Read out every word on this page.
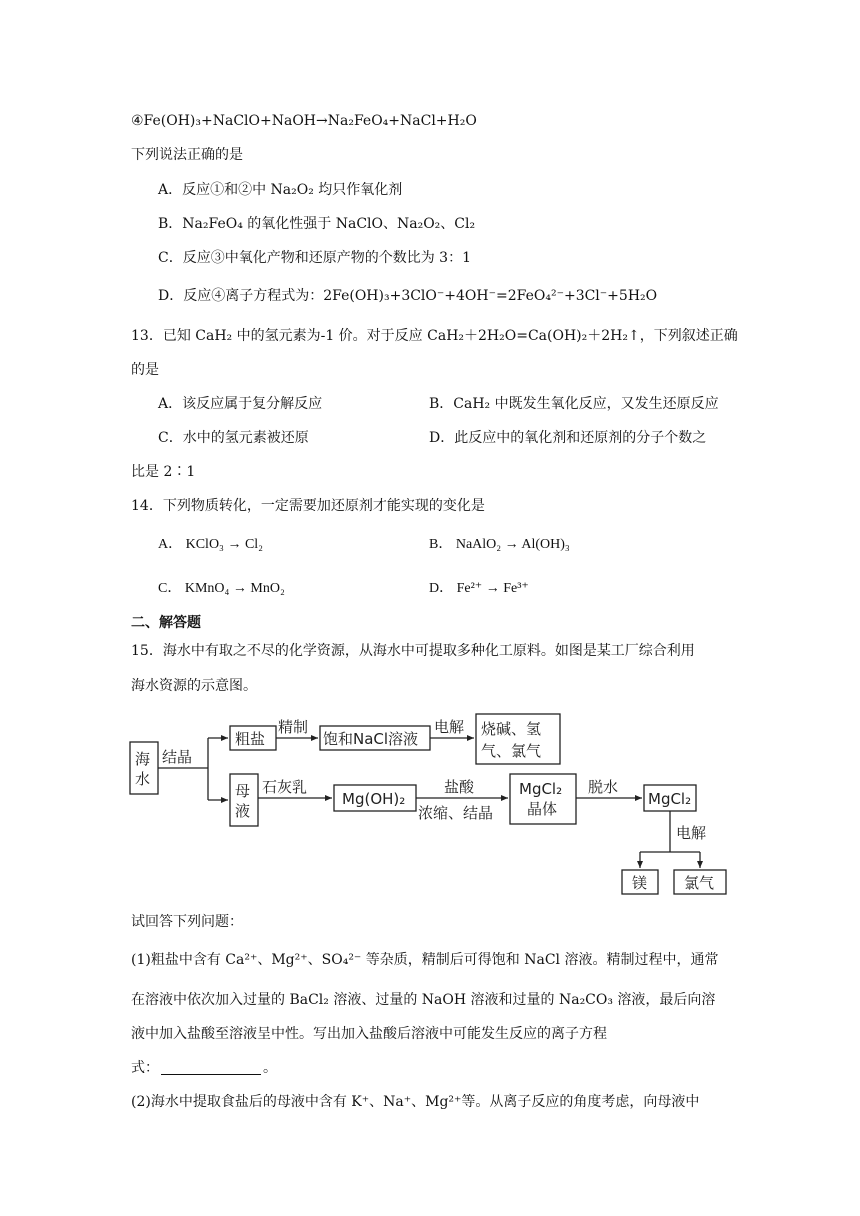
④Fe(OH)₃+NaClO+NaOH→Na₂FeO₄+NaCl+H₂O
下列说法正确的是
A．反应①和②中 Na₂O₂ 均只作氧化剂
B．Na₂FeO₄ 的氧化性强于 NaClO、Na₂O₂、Cl₂
C．反应③中氧化产物和还原产物的个数比为 3：1
D．反应④离子方程式为：2Fe(OH)₃+3ClO⁻+4OH⁻=2FeO₄²⁻+3Cl⁻+5H₂O
13．已知 CaH₂ 中的氢元素为-1 价。对于反应 CaH₂＋2H₂O=Ca(OH)₂＋2H₂↑，下列叙述正确
的是
A．该反应属于复分解反应	B．CaH₂ 中既发生氧化反应，又发生还原反应
C．水中的氢元素被还原	D．此反应中的氧化剂和还原剂的分子个数之
比是 2∶1
14．下列物质转化，一定需要加还原剂才能实现的变化是
A． KClO₃ → Cl₂	B． NaAlO₂ → Al(OH)₃
C． KMnO₄ → MnO₂	D． Fe²⁺ → Fe³⁺
二、解答题
15．海水中有取之不尽的化学资源，从海水中可提取多种化工原料。如图是某工厂综合利用
海水资源的示意图。
海
水
结晶
粗盐
精制
饱和NaCl溶液
电解 烧碱、氢
气、氯气
母
液
石灰乳
Mg(OH)₂
盐酸
浓缩、结晶
MgCl₂
晶体
脱水
MgCl₂
电解
镁 氯气
试回答下列问题：
(1)粗盐中含有 Ca²⁺、Mg²⁺、SO₄²⁻ 等杂质，精制后可得饱和 NaCl 溶液。精制过程中，通常
在溶液中依次加入过量的 BaCl₂ 溶液、过量的 NaOH 溶液和过量的 Na₂CO₃ 溶液，最后向溶
液中加入盐酸至溶液呈中性。写出加入盐酸后溶液中可能发生反应的离子方程
式：	。
(2)海水中提取食盐后的母液中含有 K⁺、Na⁺、Mg²⁺等。从离子反应的角度考虑，向母液中
